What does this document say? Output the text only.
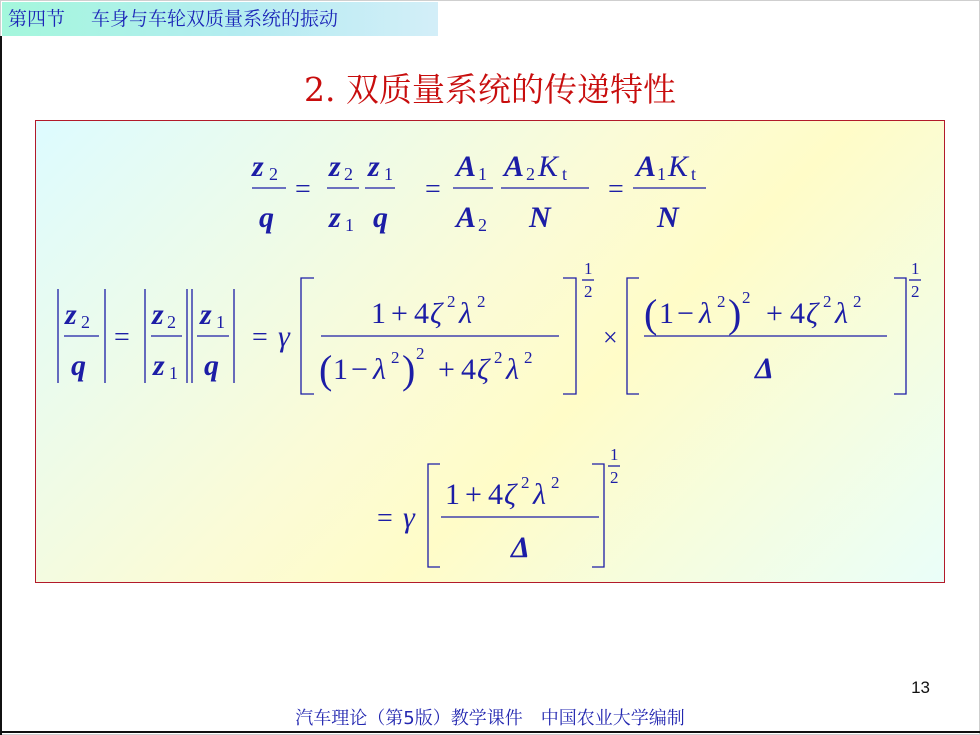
第四节 车身与车轮双质量系统的振动
2. 双质量系统的传递特性
z 2
q
=
z 2
z 1
z 1
q
=
A 1
A 2
A 2 K t
N
=
A 1 K t
N
z 2
q
=
z 2
z 1
z 1
q
= γ
1 + 4 ζ 2 λ 2
( 1 − λ 2 ) 2 + 4 ζ 2 λ 2
1
2
×
( 1 − λ 2 ) 2 + 4 ζ 2 λ 2
Δ
1
2
= γ
1 + 4 ζ 2 λ 2
Δ
1
2
13
汽车理论（第5版）教学课件　中国农业大学编制
